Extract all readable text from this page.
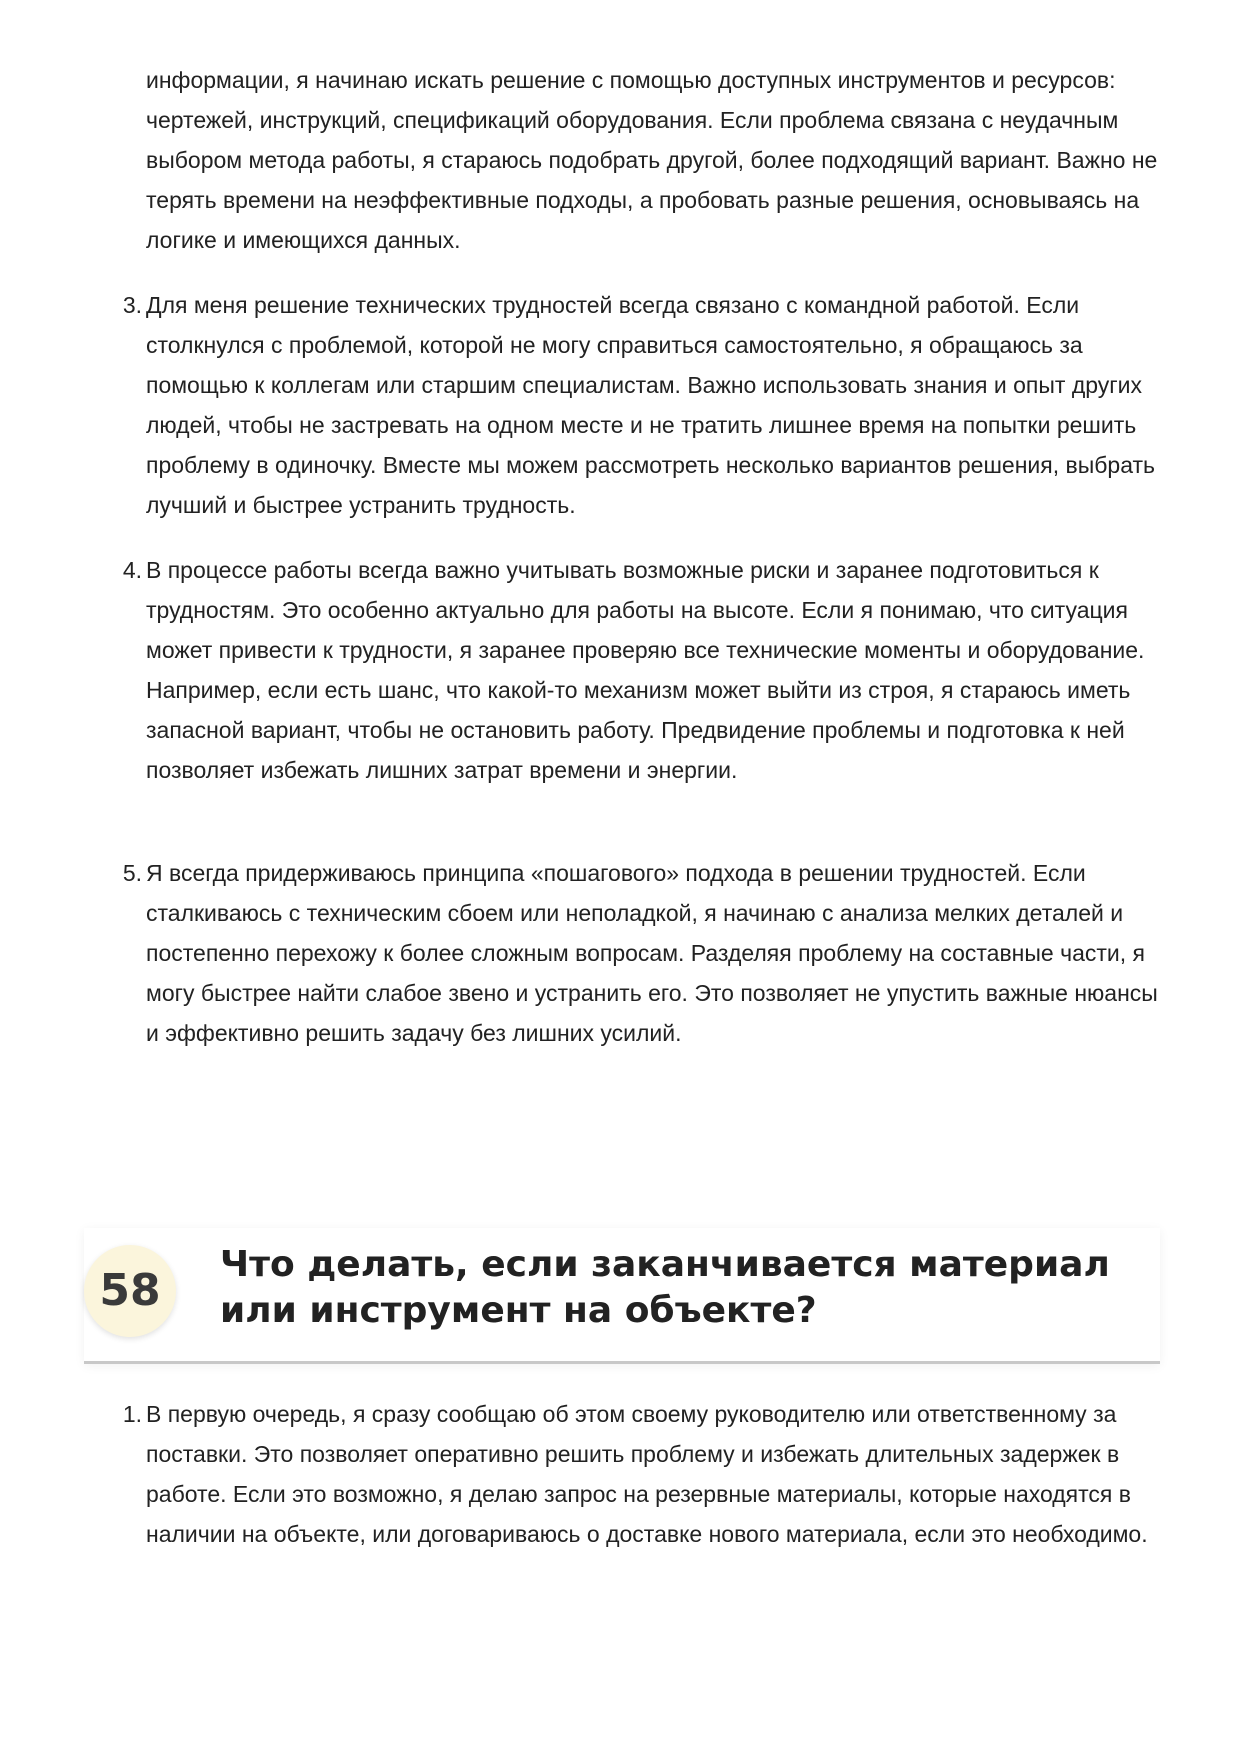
информации, я начинаю искать решение с помощью доступных инструментов и ресурсов: чертежей, инструкций, спецификаций оборудования. Если проблема связана с неудачным выбором метода работы, я стараюсь подобрать другой, более подходящий вариант. Важно не терять времени на неэффективные подходы, а пробовать разные решения, основываясь на логике и имеющихся данных.

3. Для меня решение технических трудностей всегда связано с командной работой. Если столкнулся с проблемой, которой не могу справиться самостоятельно, я обращаюсь за помощью к коллегам или старшим специалистам. Важно использовать знания и опыт других людей, чтобы не застревать на одном месте и не тратить лишнее время на попытки решить проблему в одиночку. Вместе мы можем рассмотреть несколько вариантов решения, выбрать лучший и быстрее устранить трудность.
4. В процессе работы всегда важно учитывать возможные риски и заранее подготовиться к трудностям. Это особенно актуально для работы на высоте. Если я понимаю, что ситуация может привести к трудности, я заранее проверяю все технические моменты и оборудование. Например, если есть шанс, что какой-то механизм может выйти из строя, я стараюсь иметь запасной вариант, чтобы не остановить работу. Предвидение проблемы и подготовка к ней позволяет избежать лишних затрат времени и энергии.
5. Я всегда придерживаюсь принципа «пошагового» подхода в решении трудностей. Если сталкиваюсь с техническим сбоем или неполадкой, я начинаю с анализа мелких деталей и постепенно перехожу к более сложным вопросам. Разделяя проблему на составные части, я могу быстрее найти слабое звено и устранить его. Это позволяет не упустить важные нюансы и эффективно решить задачу без лишних усилий.
58
Что делать, если заканчивается материал или инструмент на объекте?
1. В первую очередь, я сразу сообщаю об этом своему руководителю или ответственному за поставки. Это позволяет оперативно решить проблему и избежать длительных задержек в работе. Если это возможно, я делаю запрос на резервные материалы, которые находятся в наличии на объекте, или договариваюсь о доставке нового материала, если это необходимо.
